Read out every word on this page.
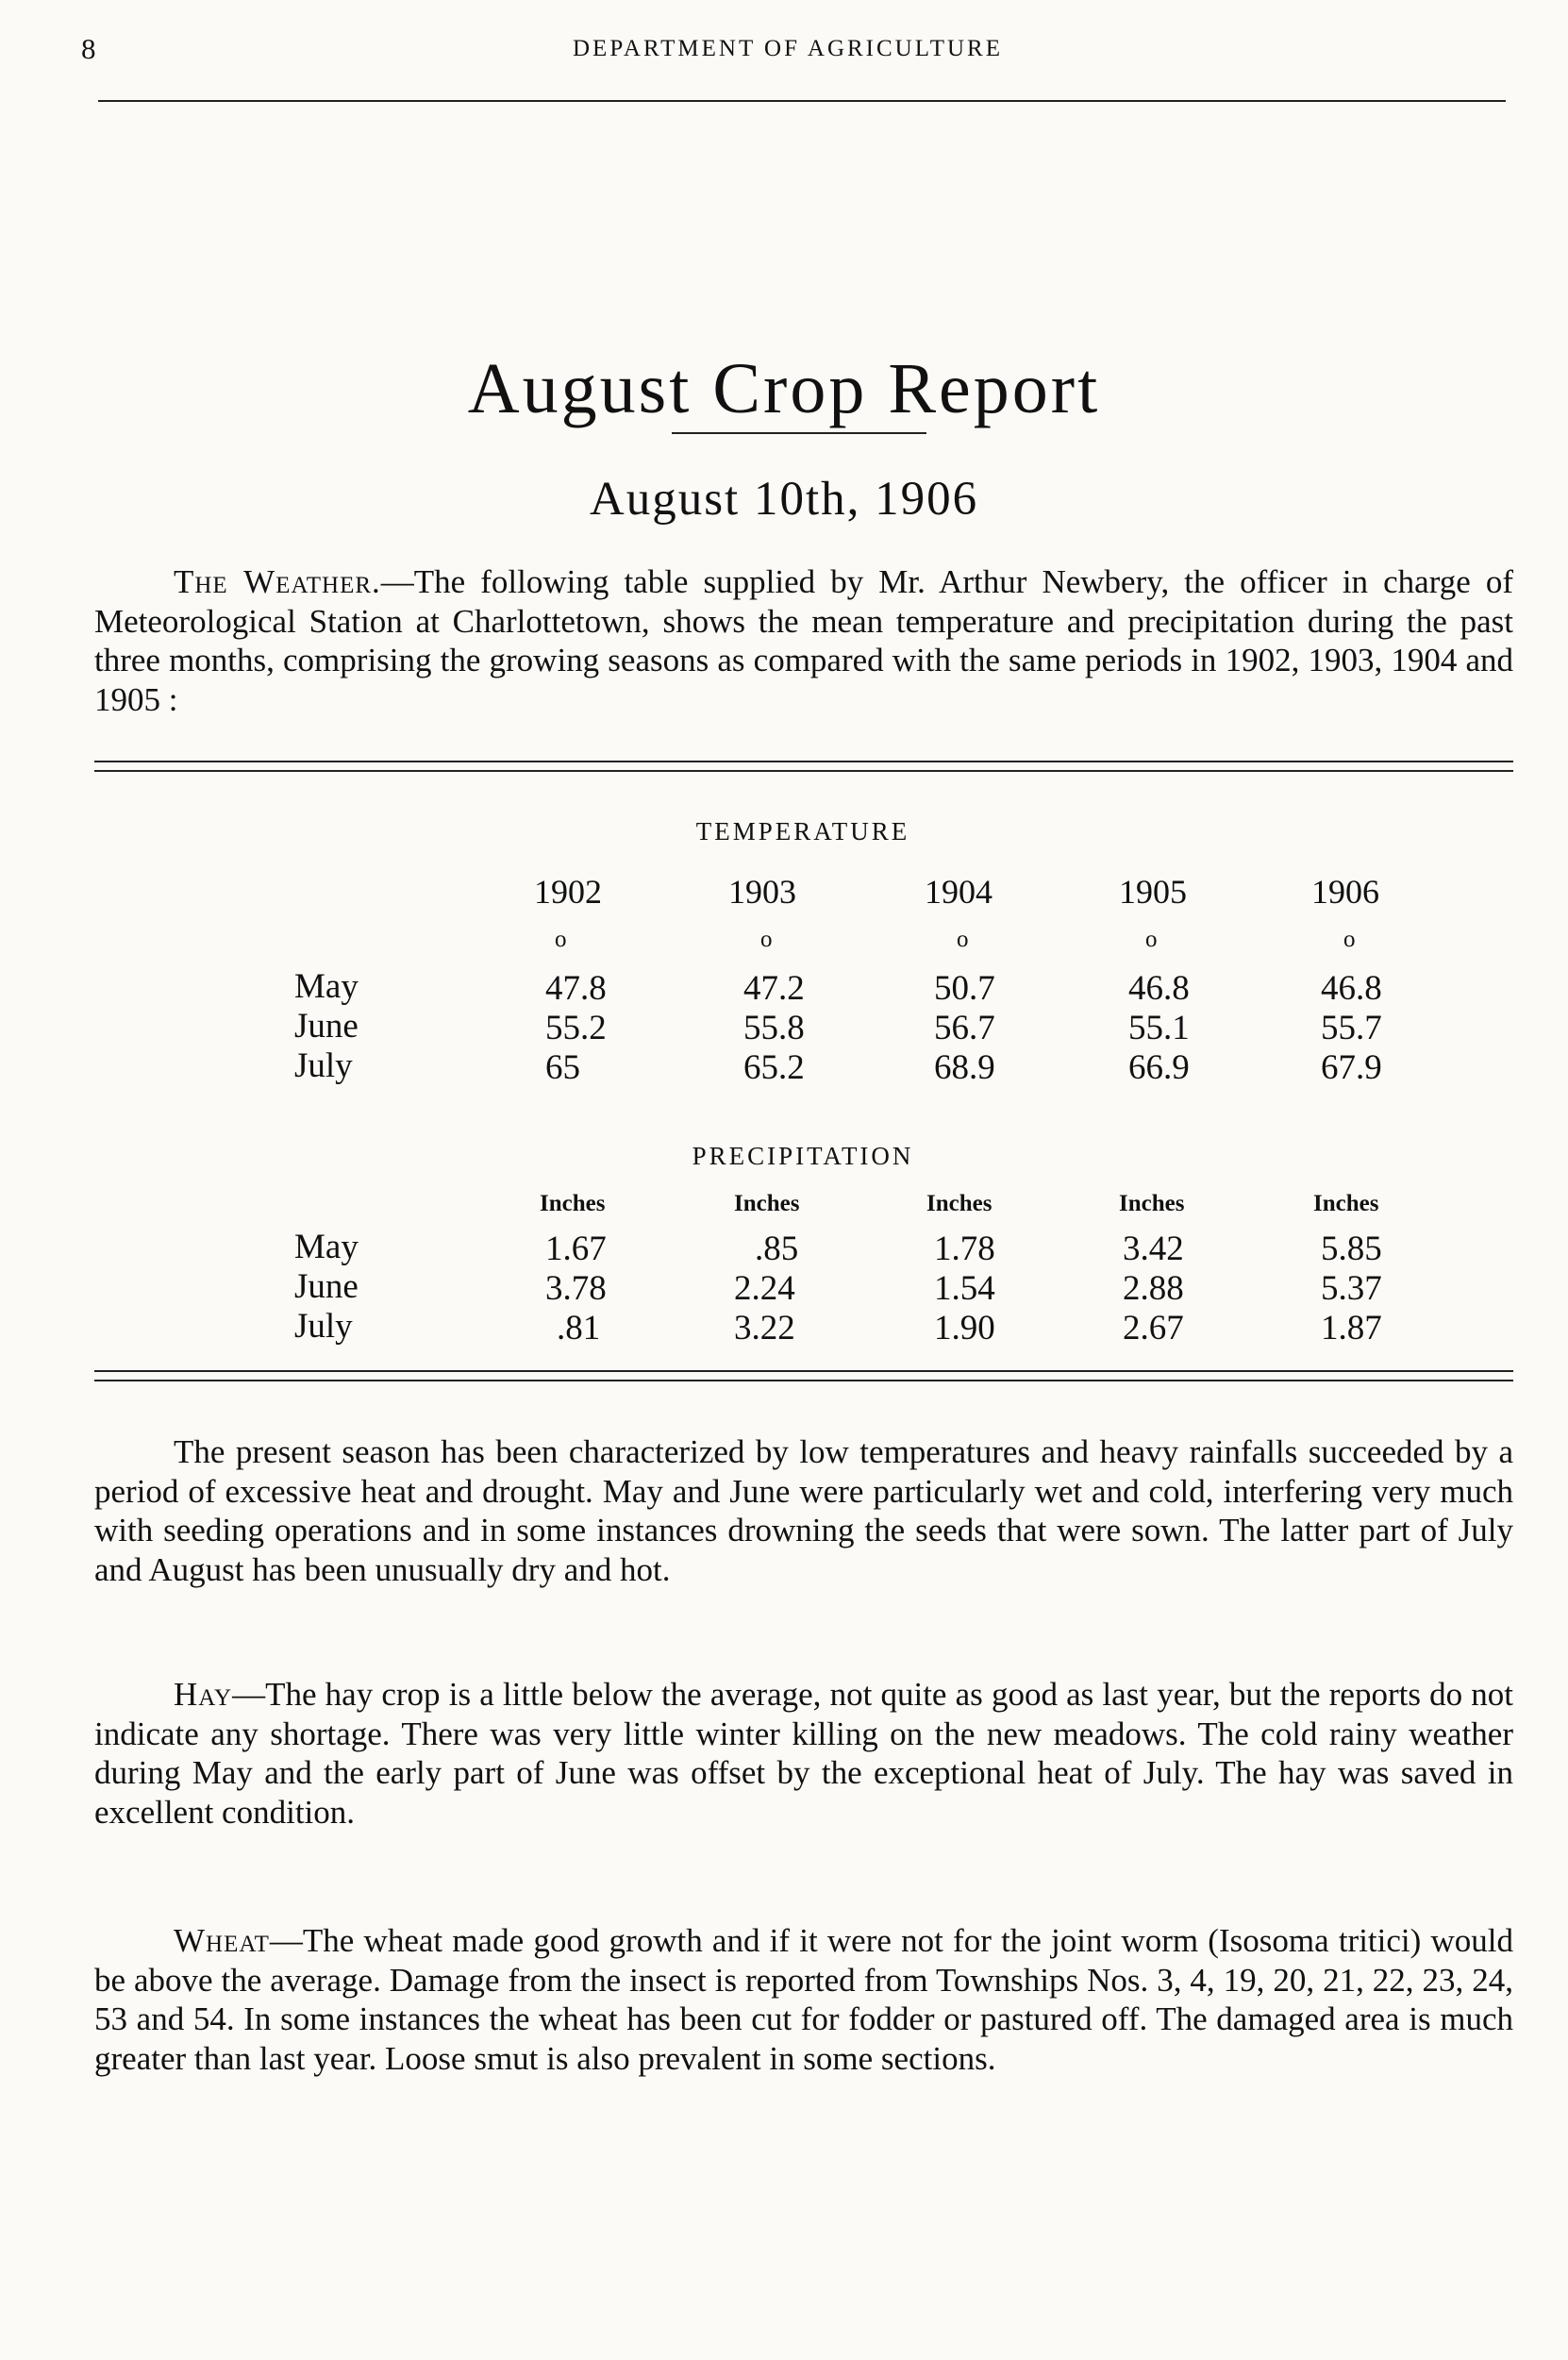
8	DEPARTMENT OF AGRICULTURE
August Crop Report
August 10th, 1906

The Weather.—The following table supplied by Mr. Arthur Newbery, the officer in charge of Meteorological Station at Charlottetown, shows the mean temperature and precipitation during the past three months, comprising the growing seasons as compared with the same periods in 1902, 1903, 1904 and 1905 :

TEMPERATURE
1902	1903	1904	1905	1906
o	o	o	o	o
May	47.8	47.2	50.7	46.8	46.8
June	55.2	55.8	56.7	55.1	55.7
July	65	65.2	68.9	66.9	67.9
PRECIPITATION
Inches	Inches	Inches	Inches	Inches
May	1.67	.85	1.78	3.42	5.85
June	3.78	2.24	1.54	2.88	5.37
July	.81	3.22	1.90	2.67	1.87

The present season has been characterized by low temperatures and heavy rainfalls succeeded by a period of excessive heat and drought. May and June were particularly wet and cold, interfering very much with seeding operations and in some instances drowning the seeds that were sown. The latter part of July and August has been unusually dry and hot.

Hay—The hay crop is a little below the average, not quite as good as last year, but the reports do not indicate any shortage. There was very little winter killing on the new meadows. The cold rainy weather during May and the early part of June was offset by the exceptional heat of July. The hay was saved in excellent condition.

Wheat—The wheat made good growth and if it were not for the joint worm (Isosoma tritici) would be above the average. Damage from the insect is reported from Townships Nos. 3, 4, 19, 20, 21, 22, 23, 24, 53 and 54. In some instances the wheat has been cut for fodder or pastured off. The damaged area is much greater than last year. Loose smut is also prevalent in some sections.
